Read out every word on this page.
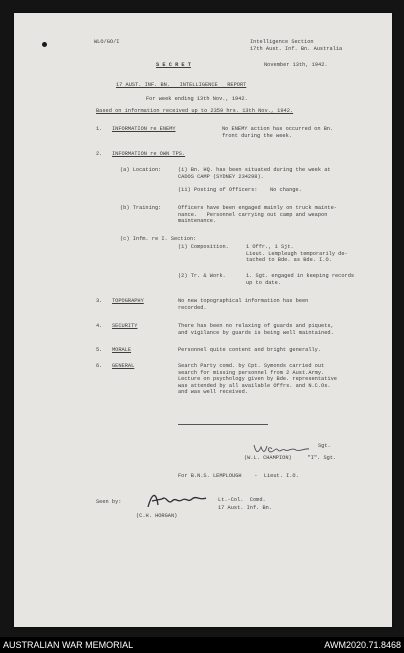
WLO/GO/I	Intelligence Section
17th Aust. Inf. Bn. Australia
S E C R E T	November 13th, 1942.
17 AUST. INF. BN.   INTELLIGENCE   REPORT
For week ending 13th Nov., 1942.
Based on information received up to 2359 hrs. 13th Nov., 1942.
1. INFORMATION re ENEMY	No ENEMY action has occurred on Bn.
front during the week.
2. INFORMATION re OWN TPS.
(a) Location:	(i) Bn. HQ. has been situated during the week at
CADOS CAMP (SYDNEY 234298).
(ii) Posting of Officers: No change.
(b) Training:	Officers have been engaged mainly on truck mainte-
nance.   Personnel carrying out camp and weapon
maintenance.
(c) Infm. re I. Section:
(1) Composition.	1 Offr., 1 Sjt.
Lieut. Lempleugh temporarily de-
tached to Bde. as Bde. I.O.
(2) Tr. & Work.	1. Sgt. engaged in keeping records
up to date.
3. TOPOGRAPHY	No new topographical information has been
recorded.
4. SECURITY	There has been no relaxing of guards and piquets,
and vigilance by guards is being well maintained.
5. MORALE	Personnel quite content and bright generally.
6. GENERAL	Search Party comd. by Cpt. Symonds carried out
search for missing personnel from 2 Aust.Army.
Lecture on psychology given by Bde. representative
was attended by all available Offrs. and N.C.Os.
and was well received.
Sgt.
(W.L. CHAMPION)     "I". Sgt.
For B.N.S. LEMPLOUGH    -  Lieut. I.O.
Seen by:	Lt.-Col.  Comd.
17 Aust. Inf. Bn.
(C.H. HORGAN)
AUSTRALIAN WAR MEMORIAL	AWM2020.71.8468
